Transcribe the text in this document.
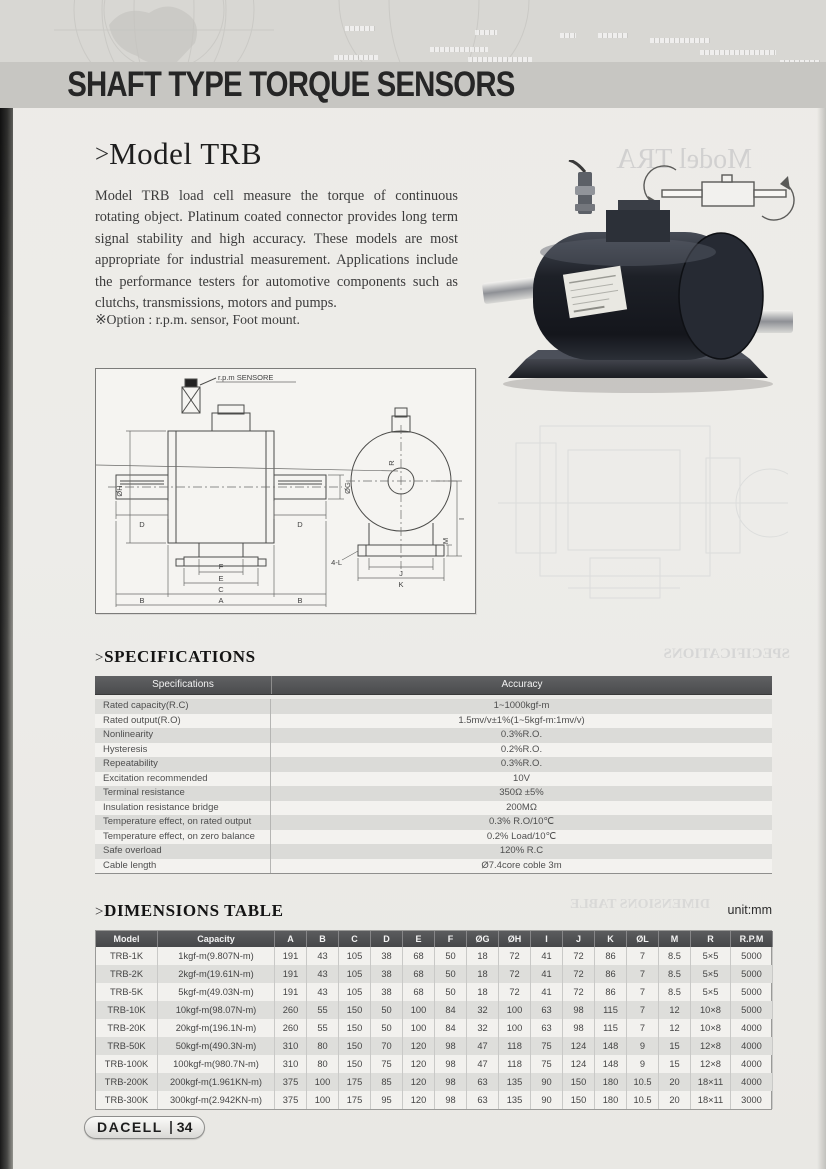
SHAFT TYPE TORQUE SENSORS
Model TRA
SPECIFICATIONS
DIMENSIONS TABLE
>Model TRB
Model TRB load cell measure the torque of continuous rotating object. Platinum coated connector provides long term signal stability and high accuracy. These models are most appropriate for industrial measurement. Applications include the performance testers for automotive components such as clutchs, transmissions, motors and pumps.
※Option : r.p.m. sensor, Foot mount.
r.p.m SENSORE
ØH	ØG
D	D
F
E
B
C
B
A
R
I
M
J
K
4-L
>SPECIFICATIONS
Specifications	Accuracy
Rated capacity(R.C)	1~1000kgf-m
Rated output(R.O)	1.5mv/v±1%(1~5kgf-m:1mv/v)
Nonlinearity	0.3%R.O.
Hysteresis	0.2%R.O.
Repeatability	0.3%R.O.
Excitation recommended	10V
Terminal resistance	350Ω ±5%
Insulation resistance bridge	200MΩ
Temperature effect, on rated output	0.3% R.O/10℃
Temperature effect, on zero balance	0.2% Load/10℃
Safe overload	120% R.C
Cable length	Ø7.4core coble 3m
>DIMENSIONS TABLE	unit:mm
Model	Capacity	A	B	C	D	E	F	ØG	ØH	I	J	K	ØL	M	R	R.P.M
TRB-1K	1kgf-m(9.807N-m)	191	43	105	38	68	50	18	72	41	72	86	7	8.5	5×5	5000
TRB-2K	2kgf-m(19.61N-m)	191	43	105	38	68	50	18	72	41	72	86	7	8.5	5×5	5000
TRB-5K	5kgf-m(49.03N-m)	191	43	105	38	68	50	18	72	41	72	86	7	8.5	5×5	5000
TRB-10K	10kgf-m(98.07N-m)	260	55	150	50	100	84	32	100	63	98	115	7	12	10×8	5000
TRB-20K	20kgf-m(196.1N-m)	260	55	150	50	100	84	32	100	63	98	115	7	12	10×8	4000
TRB-50K	50kgf-m(490.3N-m)	310	80	150	70	120	98	47	118	75	124	148	9	15	12×8	4000
TRB-100K	100kgf-m(980.7N-m)	310	80	150	75	120	98	47	118	75	124	148	9	15	12×8	4000
TRB-200K	200kgf-m(1.961KN-m)	375	100	175	85	120	98	63	135	90	150	180	10.5	20	18×11	4000
TRB-300K	300kgf-m(2.942KN-m)	375	100	175	95	120	98	63	135	90	150	180	10.5	20	18×11	3000
DACELL 34
